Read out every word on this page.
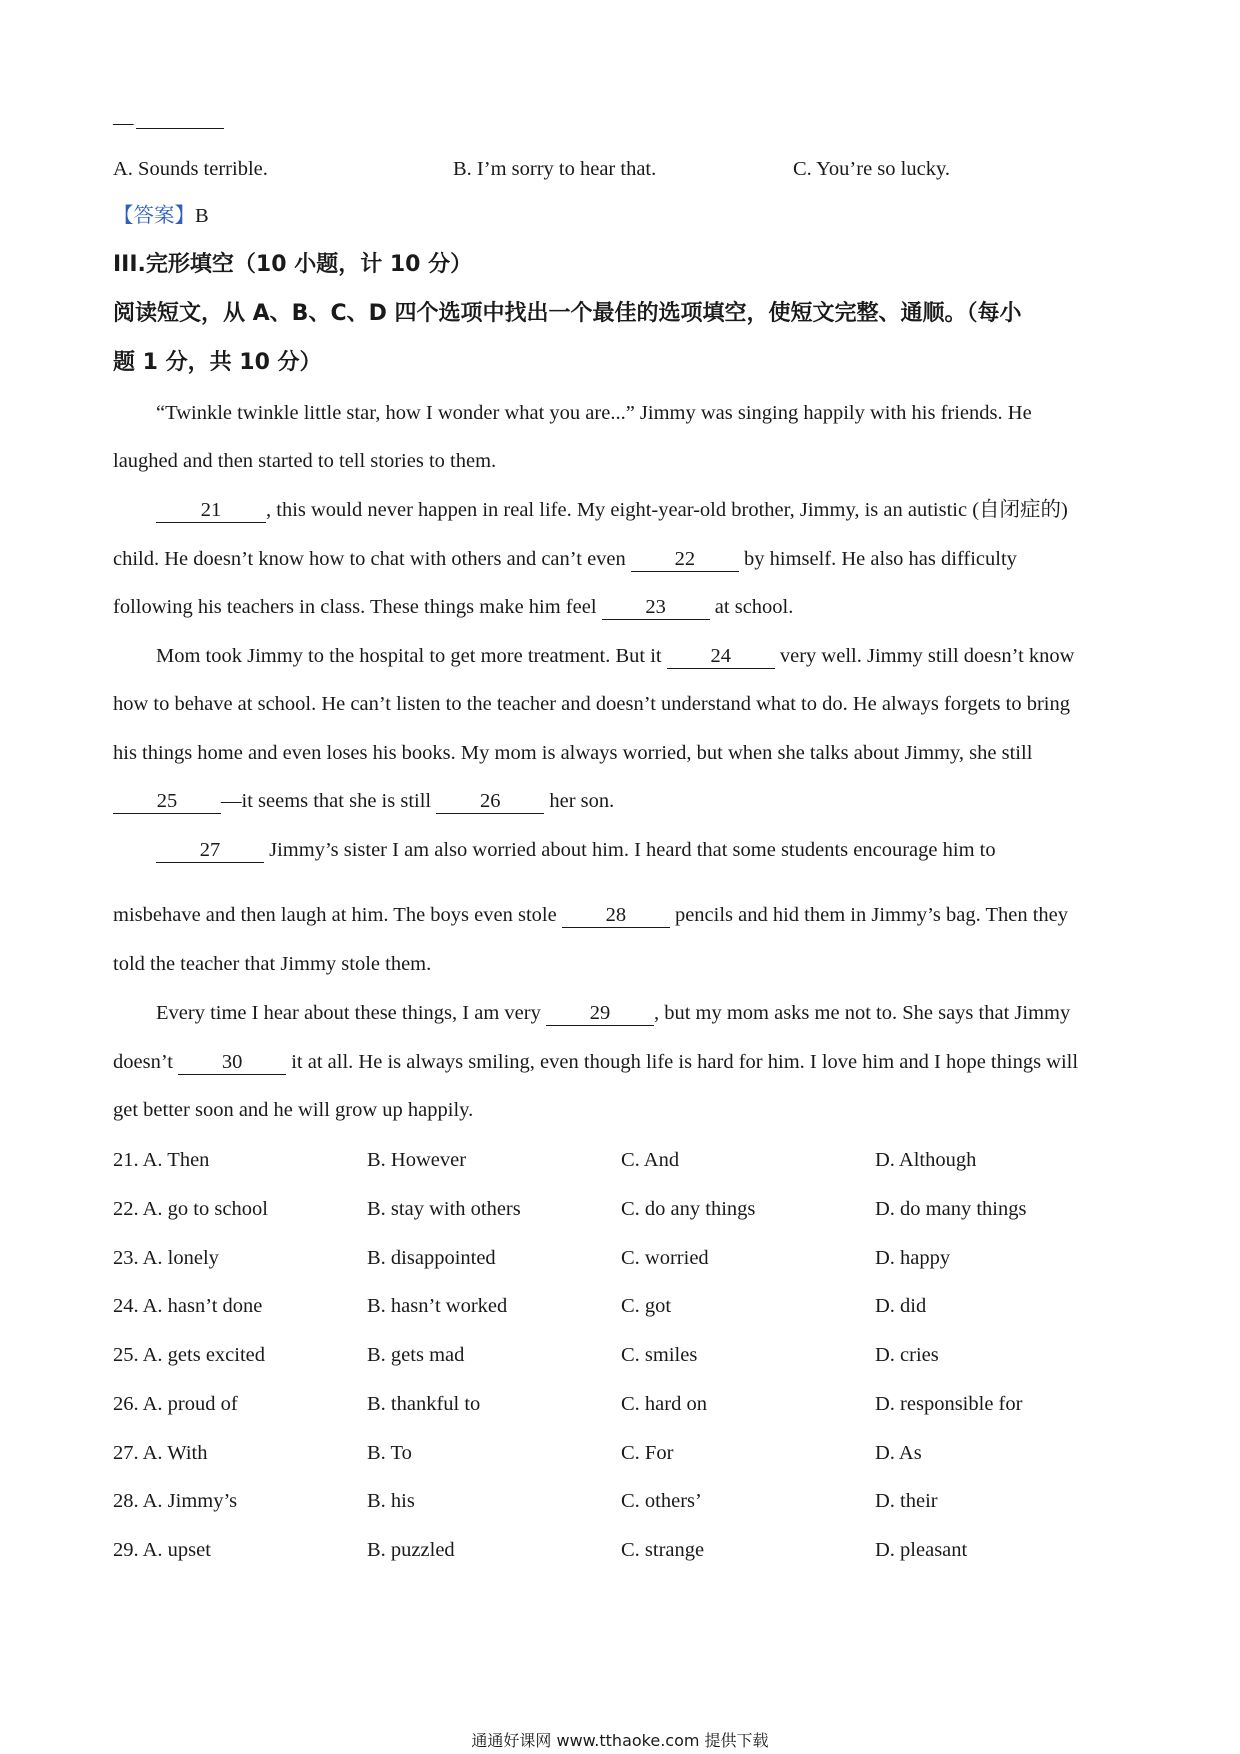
—
A. Sounds terrible.	B. I’m sorry to hear that.	C. You’re so lucky.
【答案】B
III.完形填空（10 小题，计 10 分）
阅读短文，从 A、B、C、D 四个选项中找出一个最佳的选项填空，使短文完整、通顺。（每小
题 1 分，共 10 分）
“Twinkle twinkle little star, how I wonder what you are...” Jimmy was singing happily with his friends. He
laughed and then started to tell stories to them.
21 , this would never happen in real life. My eight-year-old brother, Jimmy, is an autistic (自闭症的)
child. He doesn’t know how to chat with others and can’t even 22 by himself. He also has difficulty
following his teachers in class. These things make him feel 23 at school.
Mom took Jimmy to the hospital to get more treatment. But it 24 very well. Jimmy still doesn’t know
how to behave at school. He can’t listen to the teacher and doesn’t understand what to do. He always forgets to bring
his things home and even loses his books. My mom is always worried, but when she talks about Jimmy, she still
25 —it seems that she is still 26 her son.
27 Jimmy’s sister I am also worried about him. I heard that some students encourage him to
misbehave and then laugh at him. The boys even stole 28 pencils and hid them in Jimmy’s bag. Then they
told the teacher that Jimmy stole them.
Every time I hear about these things, I am very 29 , but my mom asks me not to. She says that Jimmy
doesn’t 30 it at all. He is always smiling, even though life is hard for him. I love him and I hope things will
get better soon and he will grow up happily.
21. A. Then	B. However	C. And	D. Although
22. A. go to school	B. stay with others	C. do any things	D. do many things
23. A. lonely	B. disappointed	C. worried	D. happy
24. A. hasn’t done	B. hasn’t worked	C. got	D. did
25. A. gets excited	B. gets mad	C. smiles	D. cries
26. A. proud of	B. thankful to	C. hard on	D. responsible for
27. A. With	B. To	C. For	D. As
28. A. Jimmy’s	B. his	C. others’	D. their
29. A. upset	B. puzzled	C. strange	D. pleasant
通通好课网 www.tthaoke.com 提供下载
